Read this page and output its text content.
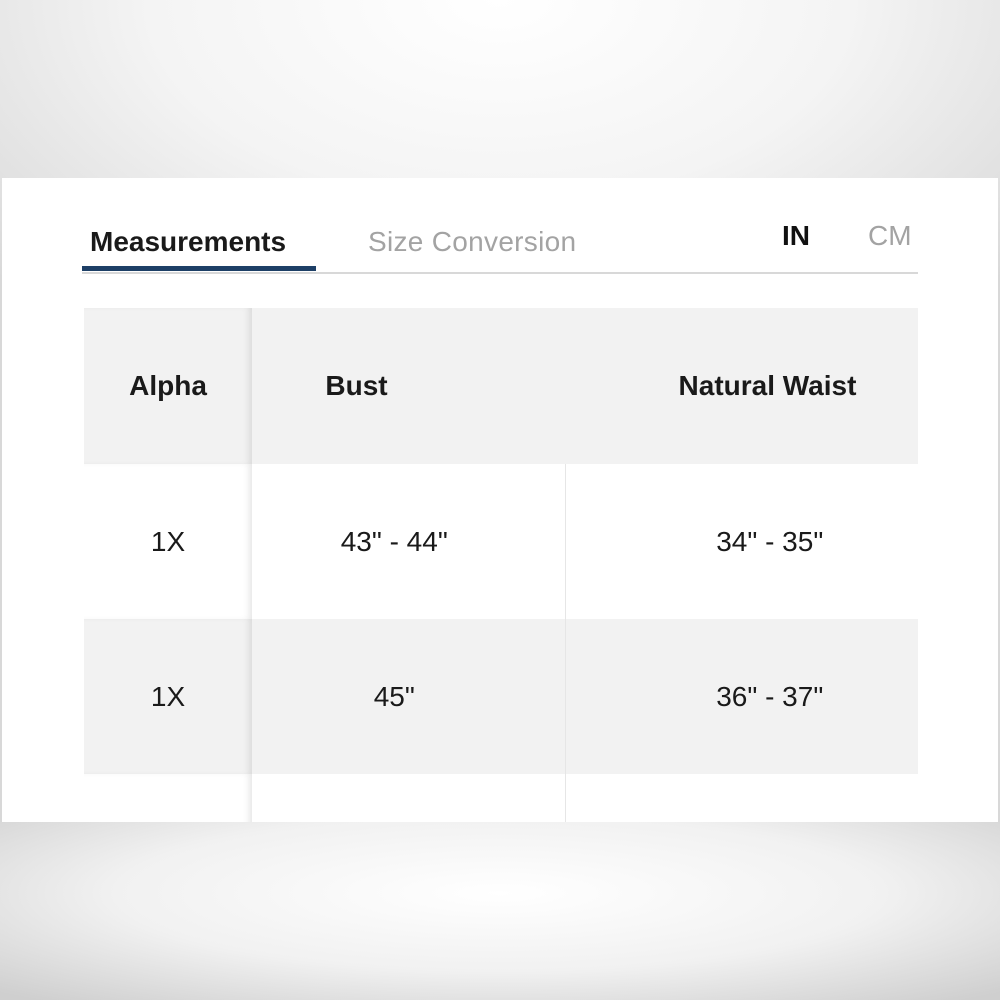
Measurements	Size Conversion	IN CM
Alpha	Bust	Natural Waist
1X	43" - 44"	34" - 35"
1X	45"	36" - 37"
